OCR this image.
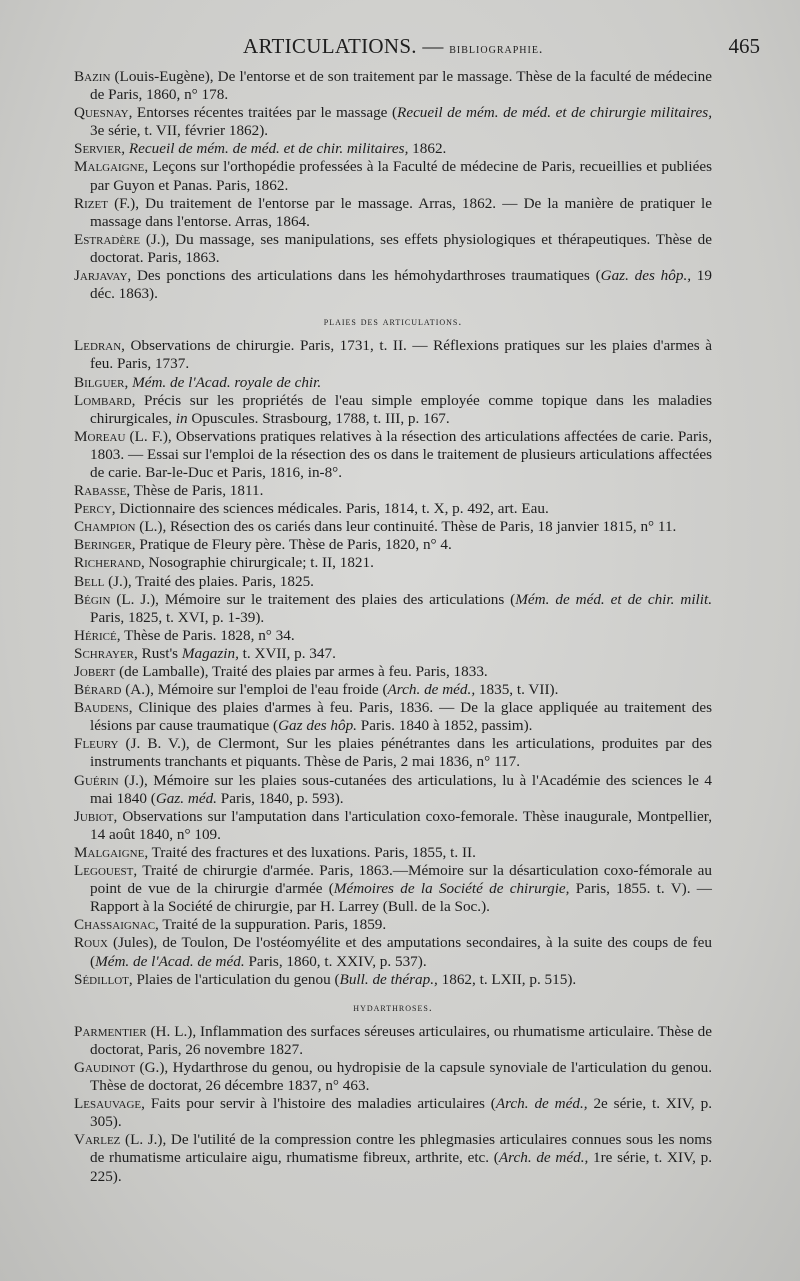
ARTICULATIONS. — bibliographie.	465

Bazin (Louis-Eugène), De l'entorse et de son traitement par le massage. Thèse de la faculté de médecine de Paris, 1860, n° 178.

Quesnay, Entorses récentes traitées par le massage (Recueil de mém. de méd. et de chirurgie militaires, 3e série, t. VII, février 1862).

Servier, Recueil de mém. de méd. et de chir. militaires, 1862.

Malgaigne, Leçons sur l'orthopédie professées à la Faculté de médecine de Paris, recueillies et publiées par Guyon et Panas. Paris, 1862.

Rizet (F.), Du traitement de l'entorse par le massage. Arras, 1862. — De la manière de pratiquer le massage dans l'entorse. Arras, 1864.

Estradère (J.), Du massage, ses manipulations, ses effets physiologiques et thérapeutiques. Thèse de doctorat. Paris, 1863.

Jarjavay, Des ponctions des articulations dans les hémohydarthroses traumatiques (Gaz. des hôp., 19 déc. 1863).

plaies des articulations.

Ledran, Observations de chirurgie. Paris, 1731, t. II. — Réflexions pratiques sur les plaies d'armes à feu. Paris, 1737.

Bilguer, Mém. de l'Acad. royale de chir.

Lombard, Précis sur les propriétés de l'eau simple employée comme topique dans les maladies chirurgicales, in Opuscules. Strasbourg, 1788, t. III, p. 167.

Moreau (L. F.), Observations pratiques relatives à la résection des articulations affectées de carie. Paris, 1803. — Essai sur l'emploi de la résection des os dans le traitement de plusieurs articulations affectées de carie. Bar-le-Duc et Paris, 1816, in-8°.

Rabasse, Thèse de Paris, 1811.

Percy, Dictionnaire des sciences médicales. Paris, 1814, t. X, p. 492, art. Eau.

Champion (L.), Résection des os cariés dans leur continuité. Thèse de Paris, 18 janvier 1815, n° 11.

Beringer, Pratique de Fleury père. Thèse de Paris, 1820, n° 4.

Richerand, Nosographie chirurgicale; t. II, 1821.

Bell (J.), Traité des plaies. Paris, 1825.

Bégin (L. J.), Mémoire sur le traitement des plaies des articulations (Mém. de méd. et de chir. milit. Paris, 1825, t. XVI, p. 1-39).

Héricé, Thèse de Paris. 1828, n° 34.

Schrayer, Rust's Magazin, t. XVII, p. 347.

Jobert (de Lamballe), Traité des plaies par armes à feu. Paris, 1833.

Bérard (A.), Mémoire sur l'emploi de l'eau froide (Arch. de méd., 1835, t. VII).

Baudens, Clinique des plaies d'armes à feu. Paris, 1836. — De la glace appliquée au traitement des lésions par cause traumatique (Gaz des hôp. Paris. 1840 à 1852, passim).

Fleury (J. B. V.), de Clermont, Sur les plaies pénétrantes dans les articulations, produites par des instruments tranchants et piquants. Thèse de Paris, 2 mai 1836, n° 117.

Guérin (J.), Mémoire sur les plaies sous-cutanées des articulations, lu à l'Académie des sciences le 4 mai 1840 (Gaz. méd. Paris, 1840, p. 593).

Jubiot, Observations sur l'amputation dans l'articulation coxo-femorale. Thèse inaugurale, Montpellier, 14 août 1840, n° 109.

Malgaigne, Traité des fractures et des luxations. Paris, 1855, t. II.

Legouest, Traité de chirurgie d'armée. Paris, 1863.—Mémoire sur la désarticulation coxo-fémorale au point de vue de la chirurgie d'armée (Mémoires de la Société de chirurgie, Paris, 1855. t. V). — Rapport à la Société de chirurgie, par H. Larrey (Bull. de la Soc.).

Chassaignac, Traité de la suppuration. Paris, 1859.

Roux (Jules), de Toulon, De l'ostéomyélite et des amputations secondaires, à la suite des coups de feu (Mém. de l'Acad. de méd. Paris, 1860, t. XXIV, p. 537).

Sédillot, Plaies de l'articulation du genou (Bull. de thérap., 1862, t. LXII, p. 515).

hydarthroses.

Parmentier (H. L.), Inflammation des surfaces séreuses articulaires, ou rhumatisme articulaire. Thèse de doctorat, Paris, 26 novembre 1827.

Gaudinot (G.), Hydarthrose du genou, ou hydropisie de la capsule synoviale de l'articulation du genou. Thèse de doctorat, 26 décembre 1837, n° 463.

Lesauvage, Faits pour servir à l'histoire des maladies articulaires (Arch. de méd., 2e série, t. XIV, p. 305).

Varlez (L. J.), De l'utilité de la compression contre les phlegmasies articulaires connues sous les noms de rhumatisme articulaire aigu, rhumatisme fibreux, arthrite, etc. (Arch. de méd., 1re série, t. XIV, p. 225).
